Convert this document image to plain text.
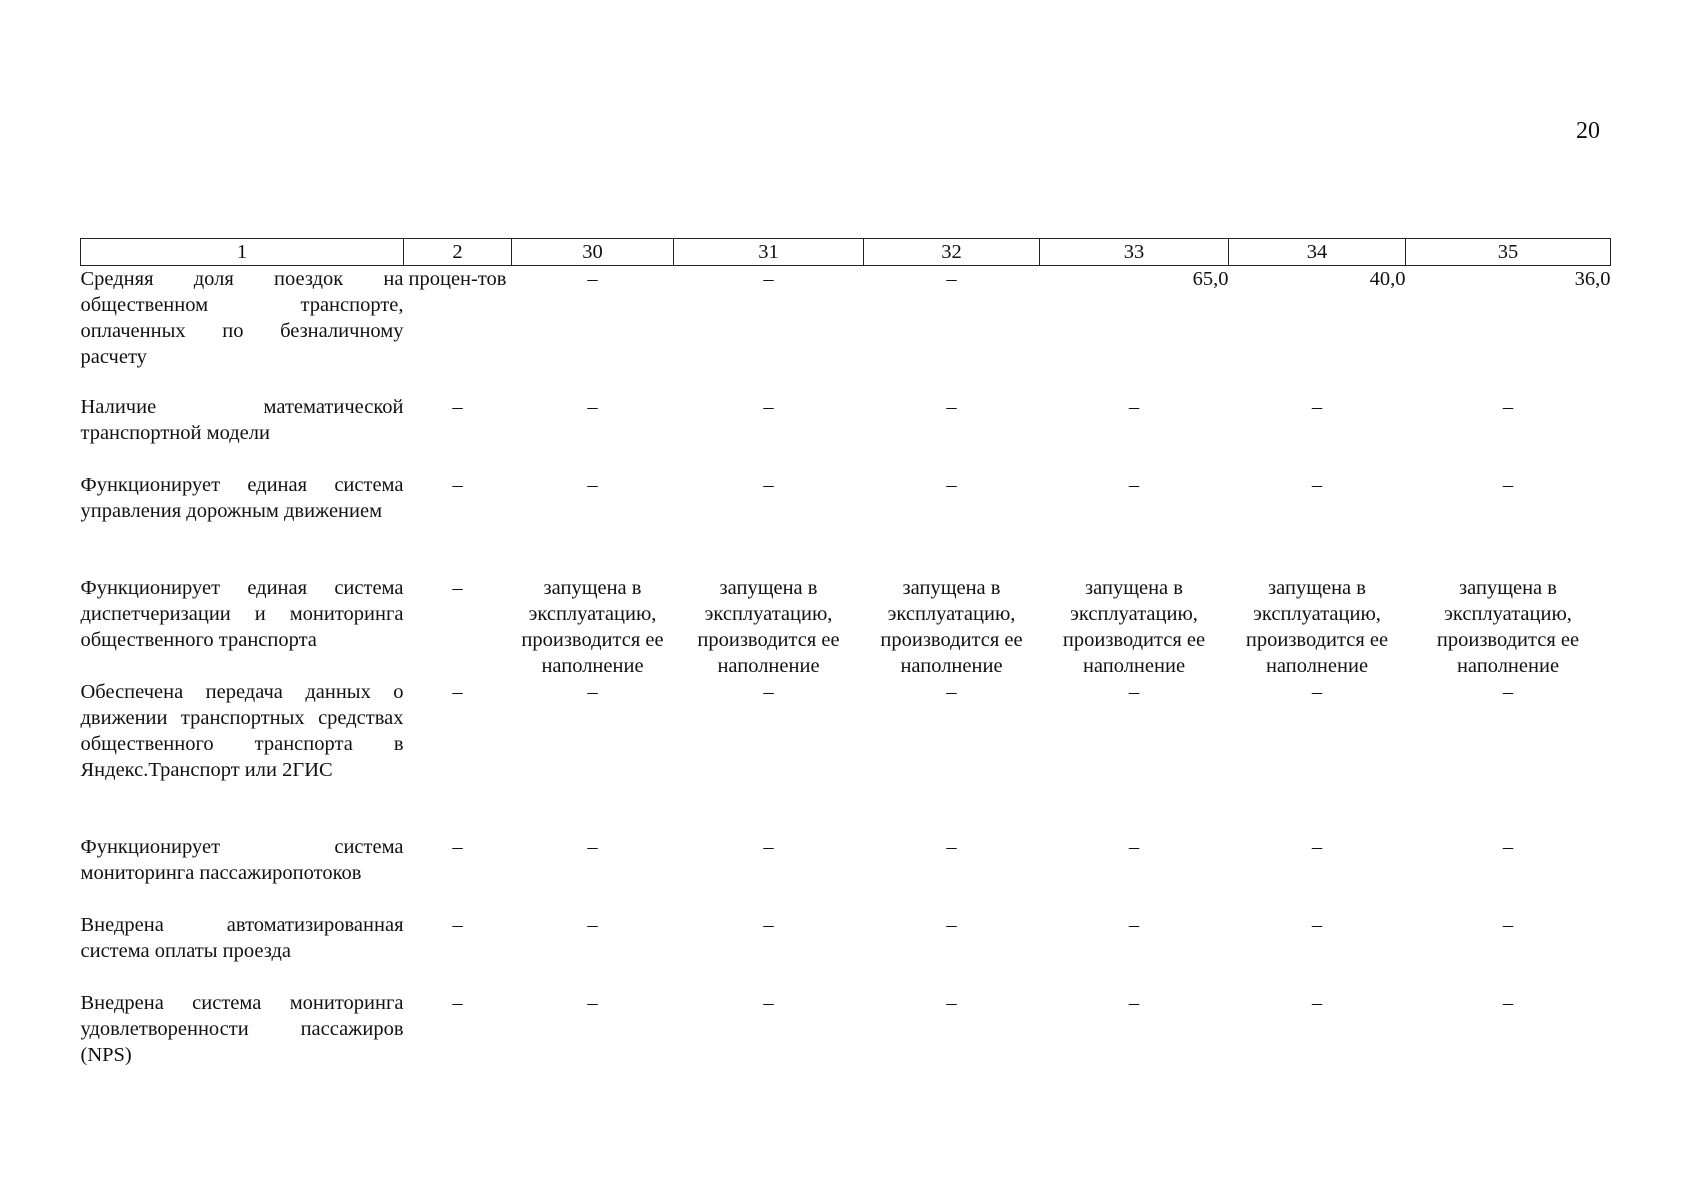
20
1	2	30	31	32	33	34	35
Средняя доля поездок на общественном транспорте, оплаченных по безналичному расчету	процен-тов	–	–	–	65,0	40,0	36,0
Наличие математической транспортной модели	–	–	–	–	–	–	–
Функционирует единая система управления дорожным движением	–	–	–	–	–	–	–
Функционирует единая система диспетчеризации и мониторинга общественного транспорта	–	запущена в эксплуатацию, производится ее наполнение	запущена в эксплуатацию, производится ее наполнение	запущена в эксплуатацию, производится ее наполнение	запущена в эксплуатацию, производится ее наполнение	запущена в эксплуатацию, производится ее наполнение	запущена в эксплуатацию, производится ее наполнение
Обеспечена передача данных о движении транспортных средствах общественного транспорта в Яндекс.Транспорт или 2ГИС	–	–	–	–	–	–	–
Функционирует система мониторинга пассажиропотоков	–	–	–	–	–	–	–
Внедрена автоматизированная система оплаты проезда	–	–	–	–	–	–	–
Внедрена система мониторинга удовлетворенности пассажиров (NPS)	–	–	–	–	–	–	–
